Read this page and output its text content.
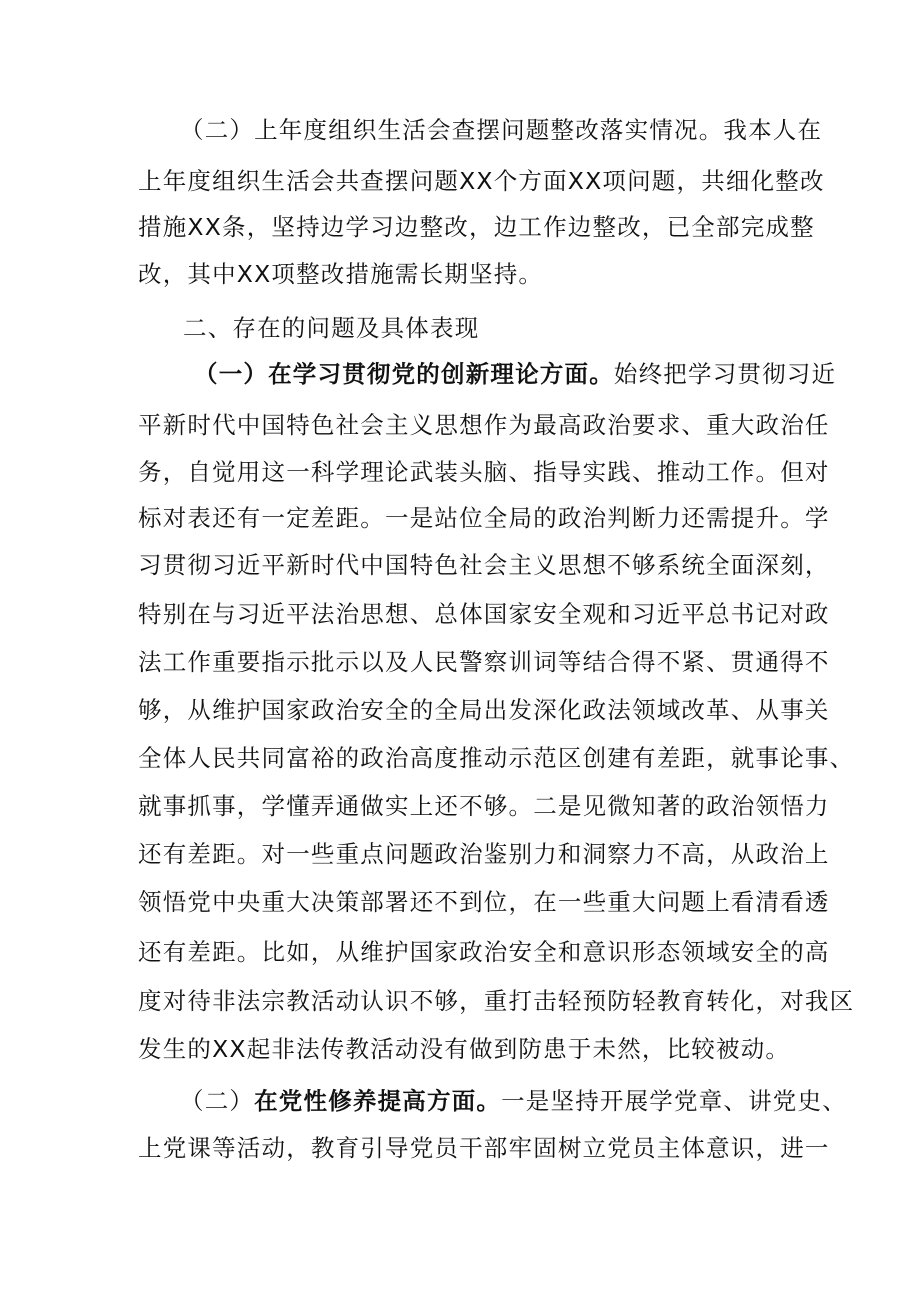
（二）上年度组织生活会查摆问题整改落实情况。我本人在
上年度组织生活会共查摆问题XX个方面XX项问题，共细化整改
措施XX条，坚持边学习边整改，边工作边整改，已全部完成整
改，其中XX项整改措施需长期坚持。
二、存在的问题及具体表现
（一）在学习贯彻党的创新理论方面。始终把学习贯彻习近
平新时代中国特色社会主义思想作为最高政治要求、重大政治任
务，自觉用这一科学理论武装头脑、指导实践、推动工作。但对
标对表还有一定差距。一是站位全局的政治判断力还需提升。学
习贯彻习近平新时代中国特色社会主义思想不够系统全面深刻，
特别在与习近平法治思想、总体国家安全观和习近平总书记对政
法工作重要指示批示以及人民警察训词等结合得不紧、贯通得不
够，从维护国家政治安全的全局出发深化政法领域改革、从事关
全体人民共同富裕的政治高度推动示范区创建有差距，就事论事、
就事抓事，学懂弄通做实上还不够。二是见微知著的政治领悟力
还有差距。对一些重点问题政治鉴别力和洞察力不高，从政治上
领悟党中央重大决策部署还不到位，在一些重大问题上看清看透
还有差距。比如，从维护国家政治安全和意识形态领域安全的高
度对待非法宗教活动认识不够，重打击轻预防轻教育转化，对我区
发生的XX起非法传教活动没有做到防患于未然，比较被动。
（二）在党性修养提高方面。一是坚持开展学党章、讲党史、
上党课等活动，教育引导党员干部牢固树立党员主体意识，进一
